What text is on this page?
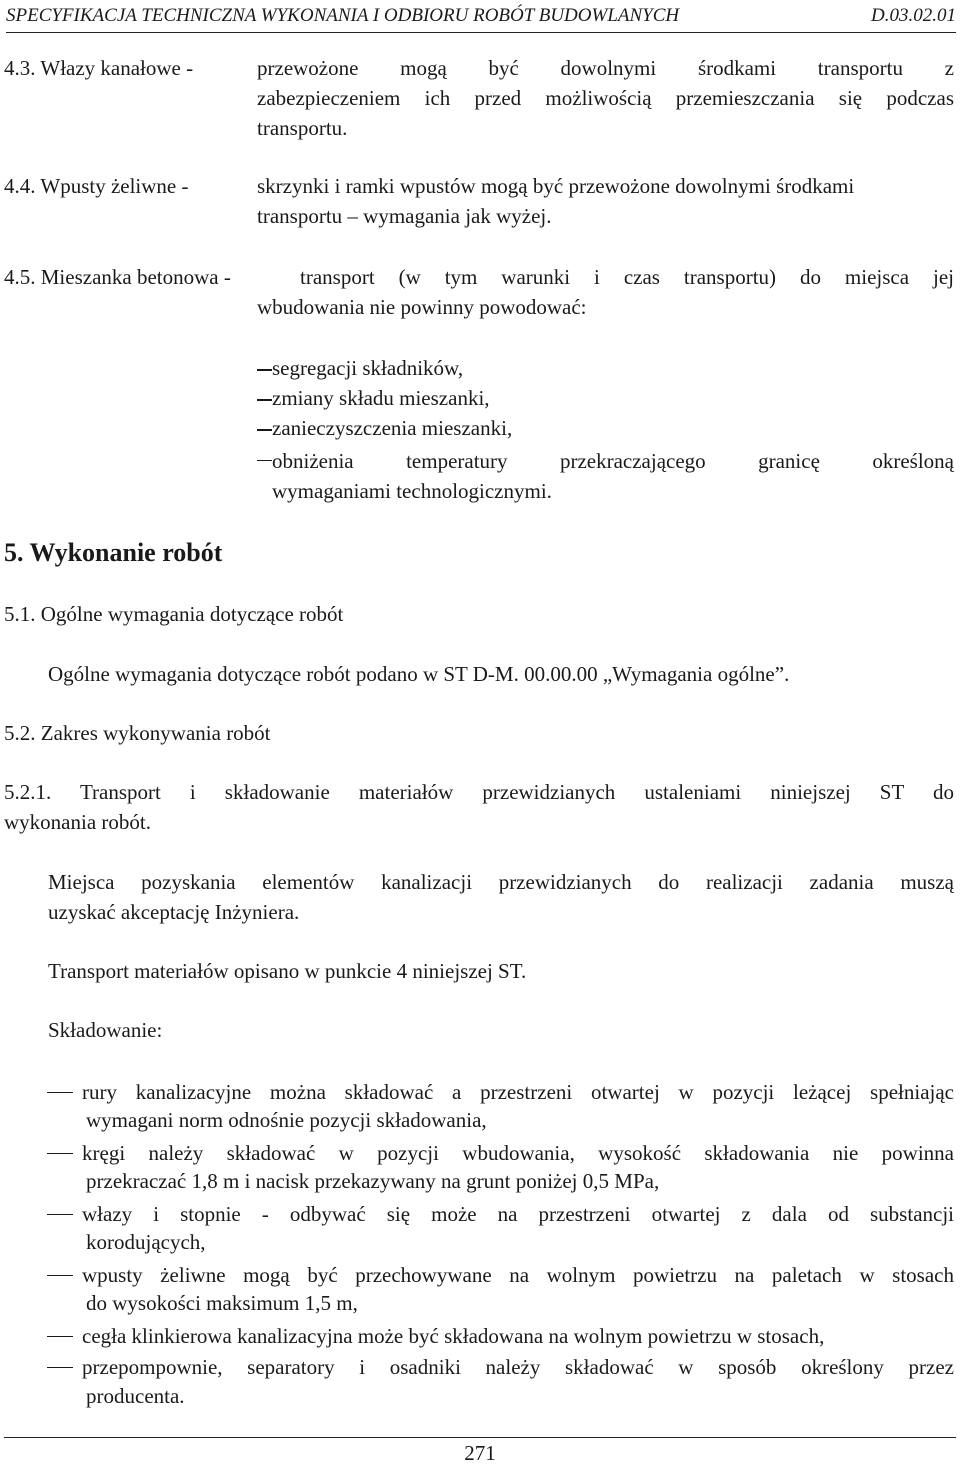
SPECYFIKACJA TECHNICZNA WYKONANIA I ODBIORU ROBÓT BUDOWLANYCH	D.03.02.01
4.3. Włazy kanałowe -	przewożone mogą być dowolnymi środkami transportu z
zabezpieczeniem ich przed możliwością przemieszczania się podczas
transportu.
4.4. Wpusty żeliwne -	skrzynki i ramki wpustów mogą być przewożone dowolnymi środkami
transportu – wymagania jak wyżej.
4.5. Mieszanka betonowa -	transport (w tym warunki i czas transportu) do miejsca jej
wbudowania nie powinny powodować:
segregacji składników,
zmiany składu mieszanki,
zanieczyszczenia mieszanki,
obniżenia temperatury przekraczającego granicę określoną
wymaganiami technologicznymi.
5. Wykonanie robót
5.1. Ogólne wymagania dotyczące robót
Ogólne wymagania dotyczące robót podano w ST D-M. 00.00.00 „Wymagania ogólne”.
5.2. Zakres wykonywania robót
5.2.1. Transport i składowanie materiałów przewidzianych ustaleniami niniejszej ST do
wykonania robót.
Miejsca pozyskania elementów kanalizacji przewidzianych do realizacji zadania muszą
uzyskać akceptację Inżyniera.
Transport materiałów opisano w punkcie 4 niniejszej ST.
Składowanie:
rury kanalizacyjne można składować a przestrzeni otwartej w pozycji leżącej spełniając
wymagani norm odnośnie pozycji składowania,
kręgi należy składować w pozycji wbudowania, wysokość składowania nie powinna
przekraczać 1,8 m i nacisk przekazywany na grunt poniżej 0,5 MPa,
włazy i stopnie - odbywać się może na przestrzeni otwartej z dala od substancji
korodujących,
wpusty żeliwne mogą być przechowywane na wolnym powietrzu na paletach w stosach
do wysokości maksimum 1,5 m,
cegła klinkierowa kanalizacyjna może być składowana na wolnym powietrzu w stosach,
przepompownie, separatory i osadniki należy składować w sposób określony przez
producenta.
271
